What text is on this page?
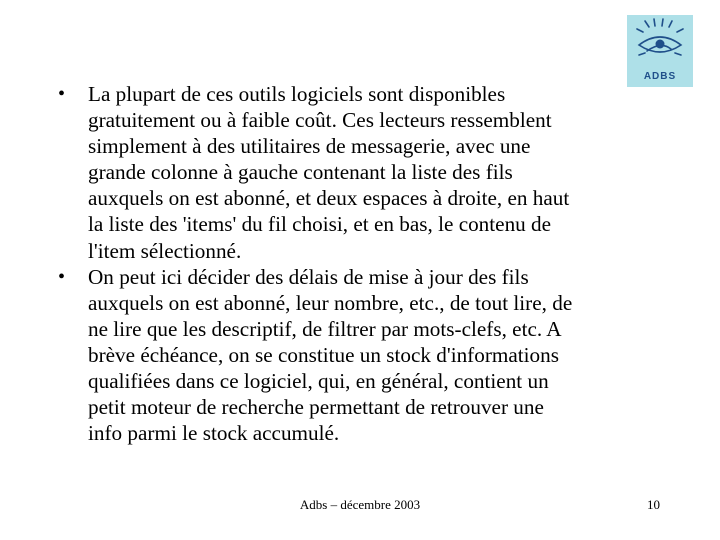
ADBS
•	La plupart de ces outils logiciels sont disponibles
gratuitement ou à faible coût. Ces lecteurs ressemblent
simplement à des utilitaires de messagerie, avec une
grande colonne à gauche contenant la liste des fils
auxquels on est abonné, et deux espaces à droite, en haut
la liste des 'items' du fil choisi, et en bas, le contenu de
l'item sélectionné.
•	On peut ici décider des délais de mise à jour des fils
auxquels on est abonné, leur nombre, etc., de tout lire, de
ne lire que les descriptif, de filtrer par mots-clefs, etc. A
brève échéance, on se constitue un stock d'informations
qualifiées dans ce logiciel, qui, en général, contient un
petit moteur de recherche permettant de retrouver une
info parmi le stock accumulé.
Adbs – décembre 2003	10
